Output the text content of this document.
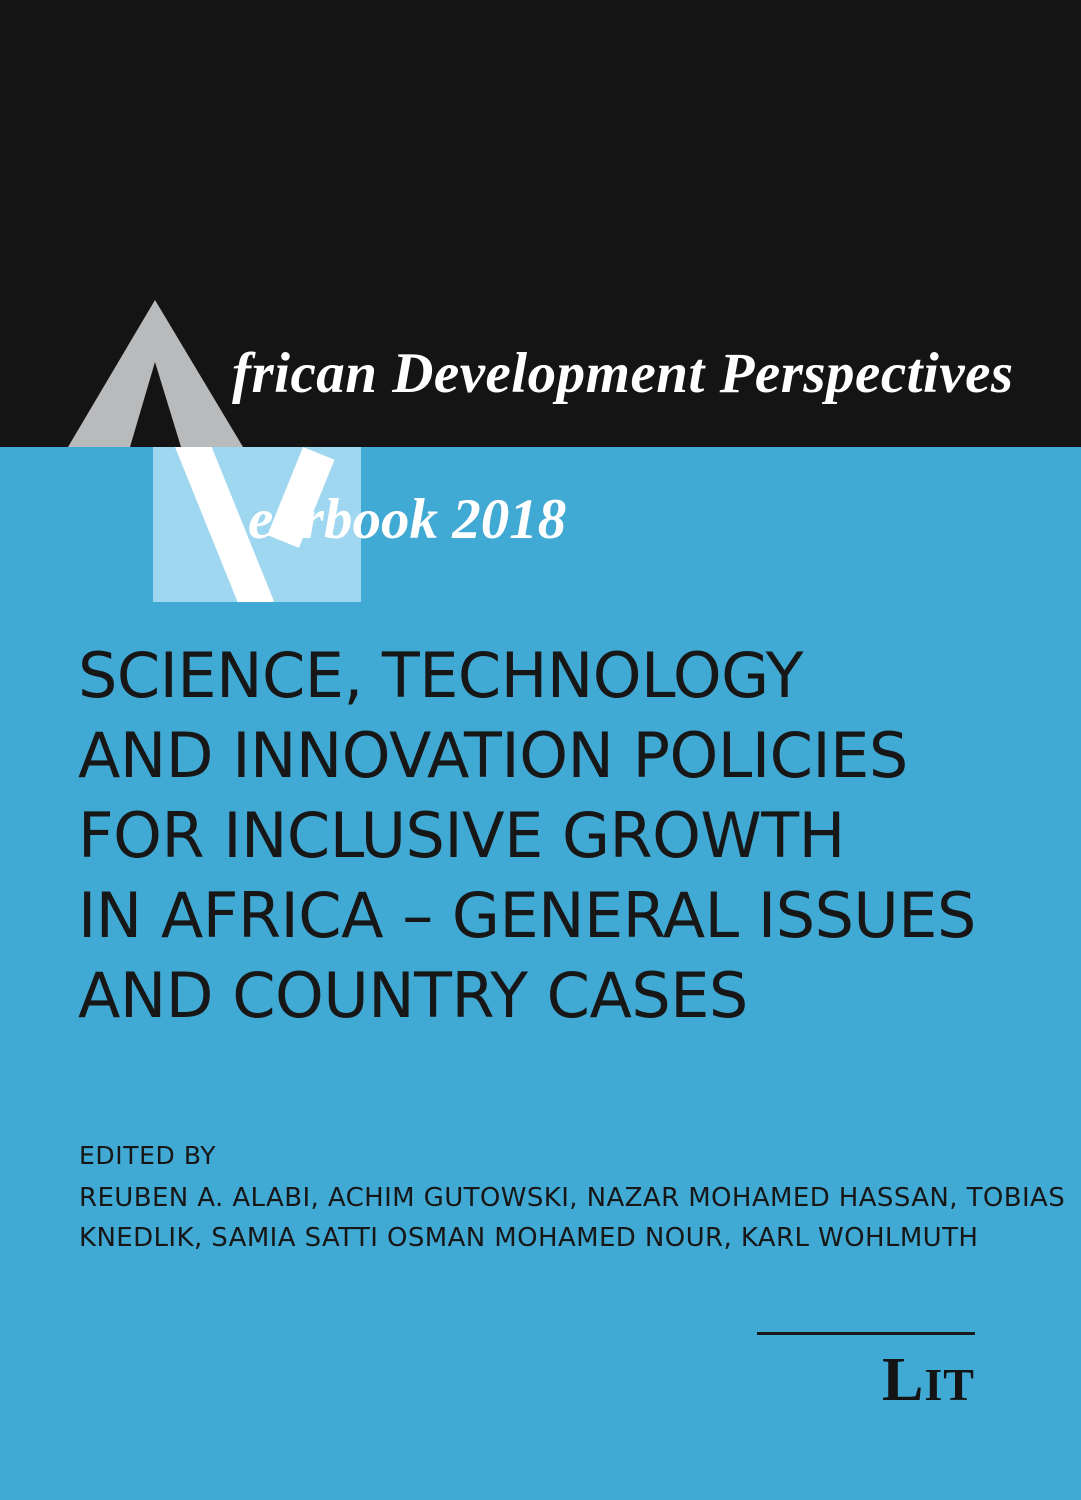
frican Development Perspectives
earbook 2018
SCIENCE, TECHNOLOGY
AND INNOVATION POLICIES
FOR INCLUSIVE GROWTH
IN AFRICA – GENERAL ISSUES
AND COUNTRY CASES
EDITED BY
REUBEN A. ALABI, ACHIM GUTOWSKI, NAZAR MOHAMED HASSAN, TOBIAS
KNEDLIK, SAMIA SATTI OSMAN MOHAMED NOUR, KARL WOHLMUTH
LIT
